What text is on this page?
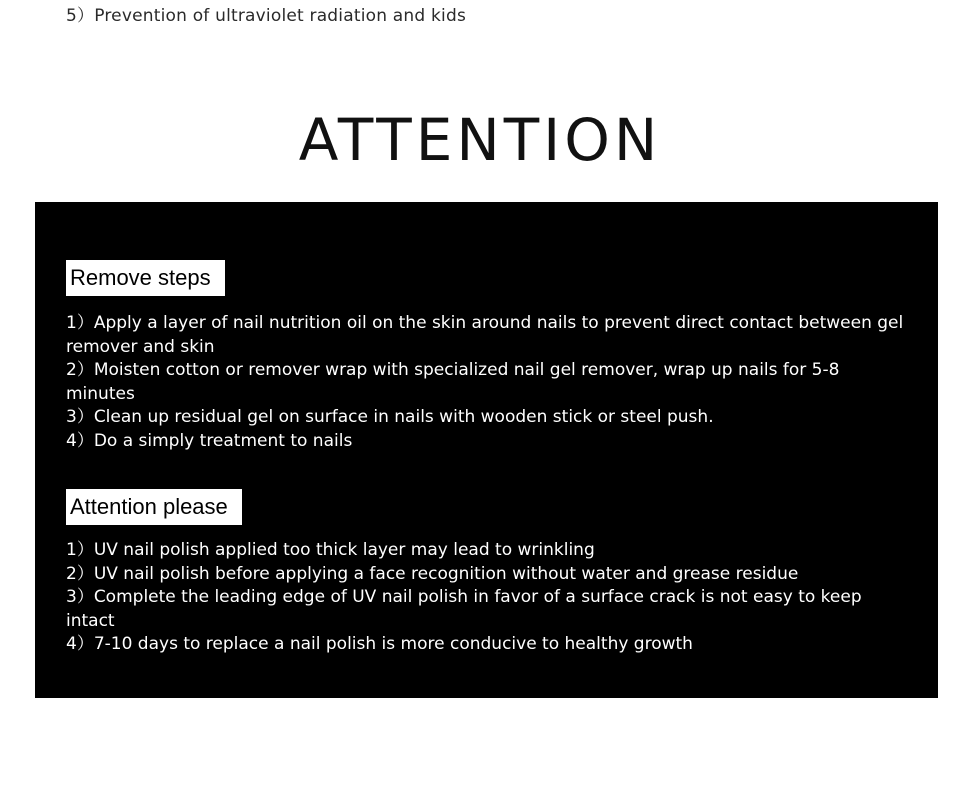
5）Prevention of ultraviolet radiation and kids
ATTENTION
Remove steps
1）Apply a layer of nail nutrition oil on the skin around nails to prevent direct contact between gel remover and skin
2）Moisten cotton or remover wrap with specialized nail gel remover, wrap up nails for 5-8 minutes
3）Clean up residual gel on surface in nails with wooden stick or steel push.
4）Do a simply treatment to nails
Attention please
1）UV nail polish applied too thick layer may lead to wrinkling
2）UV nail polish before applying a face recognition without water and grease residue
3）Complete the leading edge of UV nail polish in favor of a surface crack is not easy to keep intact
4）7-10 days to replace a nail polish is more conducive to healthy growth
